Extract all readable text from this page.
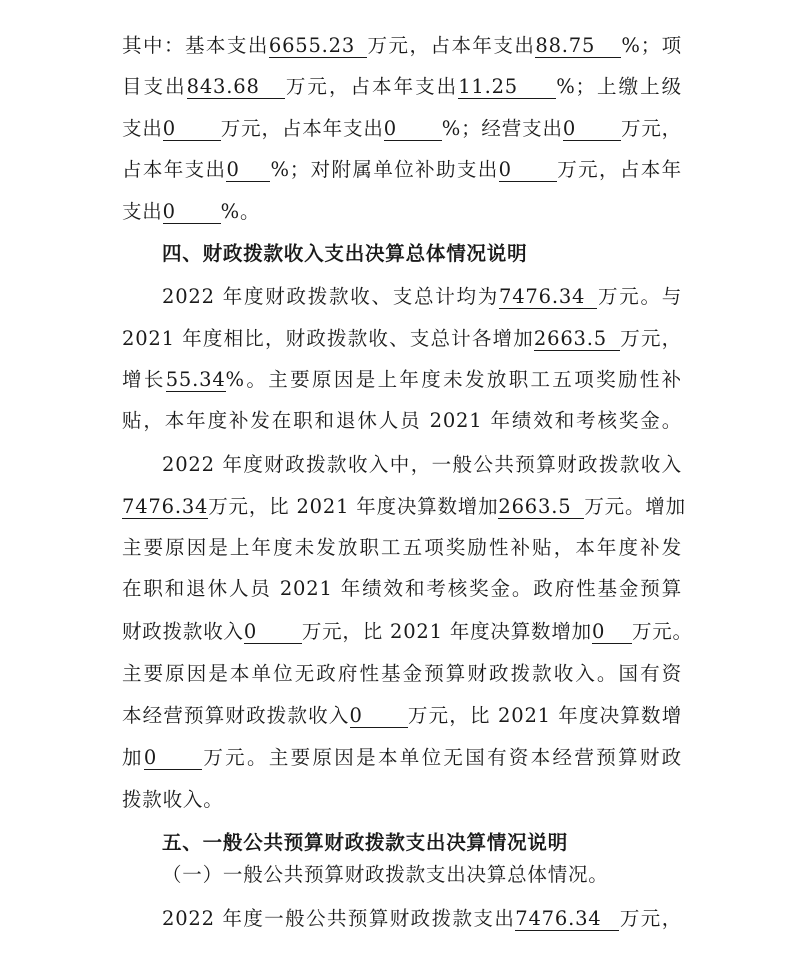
其中：基本支出6655.23 万元，占本年支出88.75 %；项
目支出843.68 万元，占本年支出11.25 %；上缴上级
支出0 万元，占本年支出0 %；经营支出0 万元，
占本年支出0 %；对附属单位补助支出0 万元，占本年
支出0 %。
四、财政拨款收入支出决算总体情况说明
2022 年度财政拨款收、支总计均为7476.34 万元。与
2021 年度相比，财政拨款收、支总计各增加2663.5 万元，
增长55.34%。主要原因是上年度未发放职工五项奖励性补
贴，本年度补发在职和退休人员 2021 年绩效和考核奖金。
2022 年度财政拨款收入中，一般公共预算财政拨款收入
7476.34万元，比 2021 年度决算数增加2663.5 万元。增加
主要原因是上年度未发放职工五项奖励性补贴，本年度补发
在职和退休人员 2021 年绩效和考核奖金。政府性基金预算
财政拨款收入0 万元，比 2021 年度决算数增加0 万元。
主要原因是本单位无政府性基金预算财政拨款收入。国有资
本经营预算财政拨款收入0 万元，比 2021 年度决算数增
加0 万元。主要原因是本单位无国有资本经营预算财政
拨款收入。
五、一般公共预算财政拨款支出决算情况说明
（一）一般公共预算财政拨款支出决算总体情况。
2022 年度一般公共预算财政拨款支出7476.34 万元，
